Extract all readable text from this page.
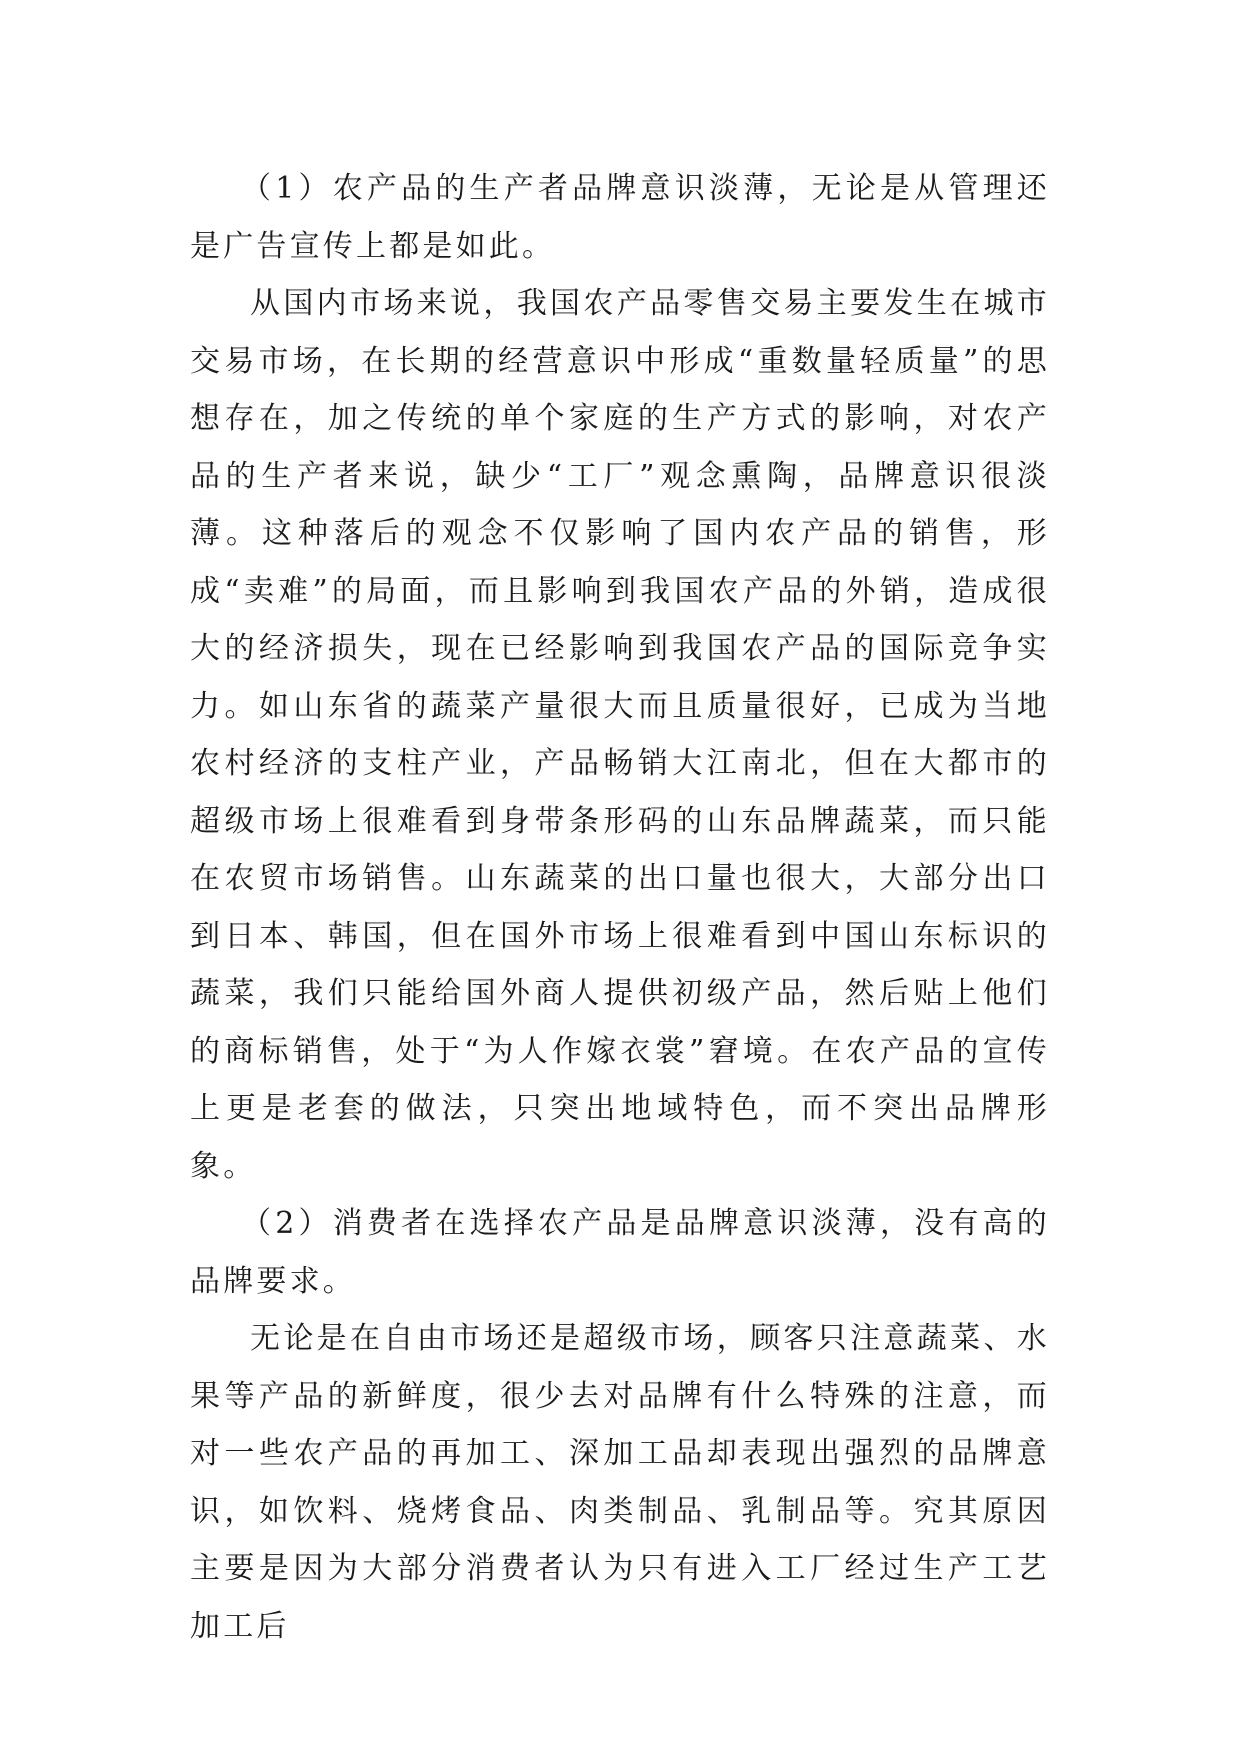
（1）农产品的生产者品牌意识淡薄，无论是从管理还是广告宣传上都是如此。

从国内市场来说，我国农产品零售交易主要发生在城市交易市场，在长期的经营意识中形成“重数量轻质量”的思想存在，加之传统的单个家庭的生产方式的影响，对农产品的生产者来说，缺少“工厂”观念熏陶，品牌意识很淡薄。这种落后的观念不仅影响了国内农产品的销售，形成“卖难”的局面，而且影响到我国农产品的外销，造成很大的经济损失，现在已经影响到我国农产品的国际竞争实力。如山东省的蔬菜产量很大而且质量很好，已成为当地农村经济的支柱产业，产品畅销大江南北，但在大都市的超级市场上很难看到身带条形码的山东品牌蔬菜，而只能在农贸市场销售。山东蔬菜的出口量也很大，大部分出口到日本、韩国，但在国外市场上很难看到中国山东标识的蔬菜，我们只能给国外商人提供初级产品，然后贴上他们的商标销售，处于“为人作嫁衣裳”窘境。在农产品的宣传上更是老套的做法，只突出地域特色，而不突出品牌形象。

（2）消费者在选择农产品是品牌意识淡薄，没有高的品牌要求。

无论是在自由市场还是超级市场，顾客只注意蔬菜、水果等产品的新鲜度，很少去对品牌有什么特殊的注意，而对一些农产品的再加工、深加工品却表现出强烈的品牌意识，如饮料、烧烤食品、肉类制品、乳制品等。究其原因主要是因为大部分消费者认为只有进入工厂经过生产工艺加工后
